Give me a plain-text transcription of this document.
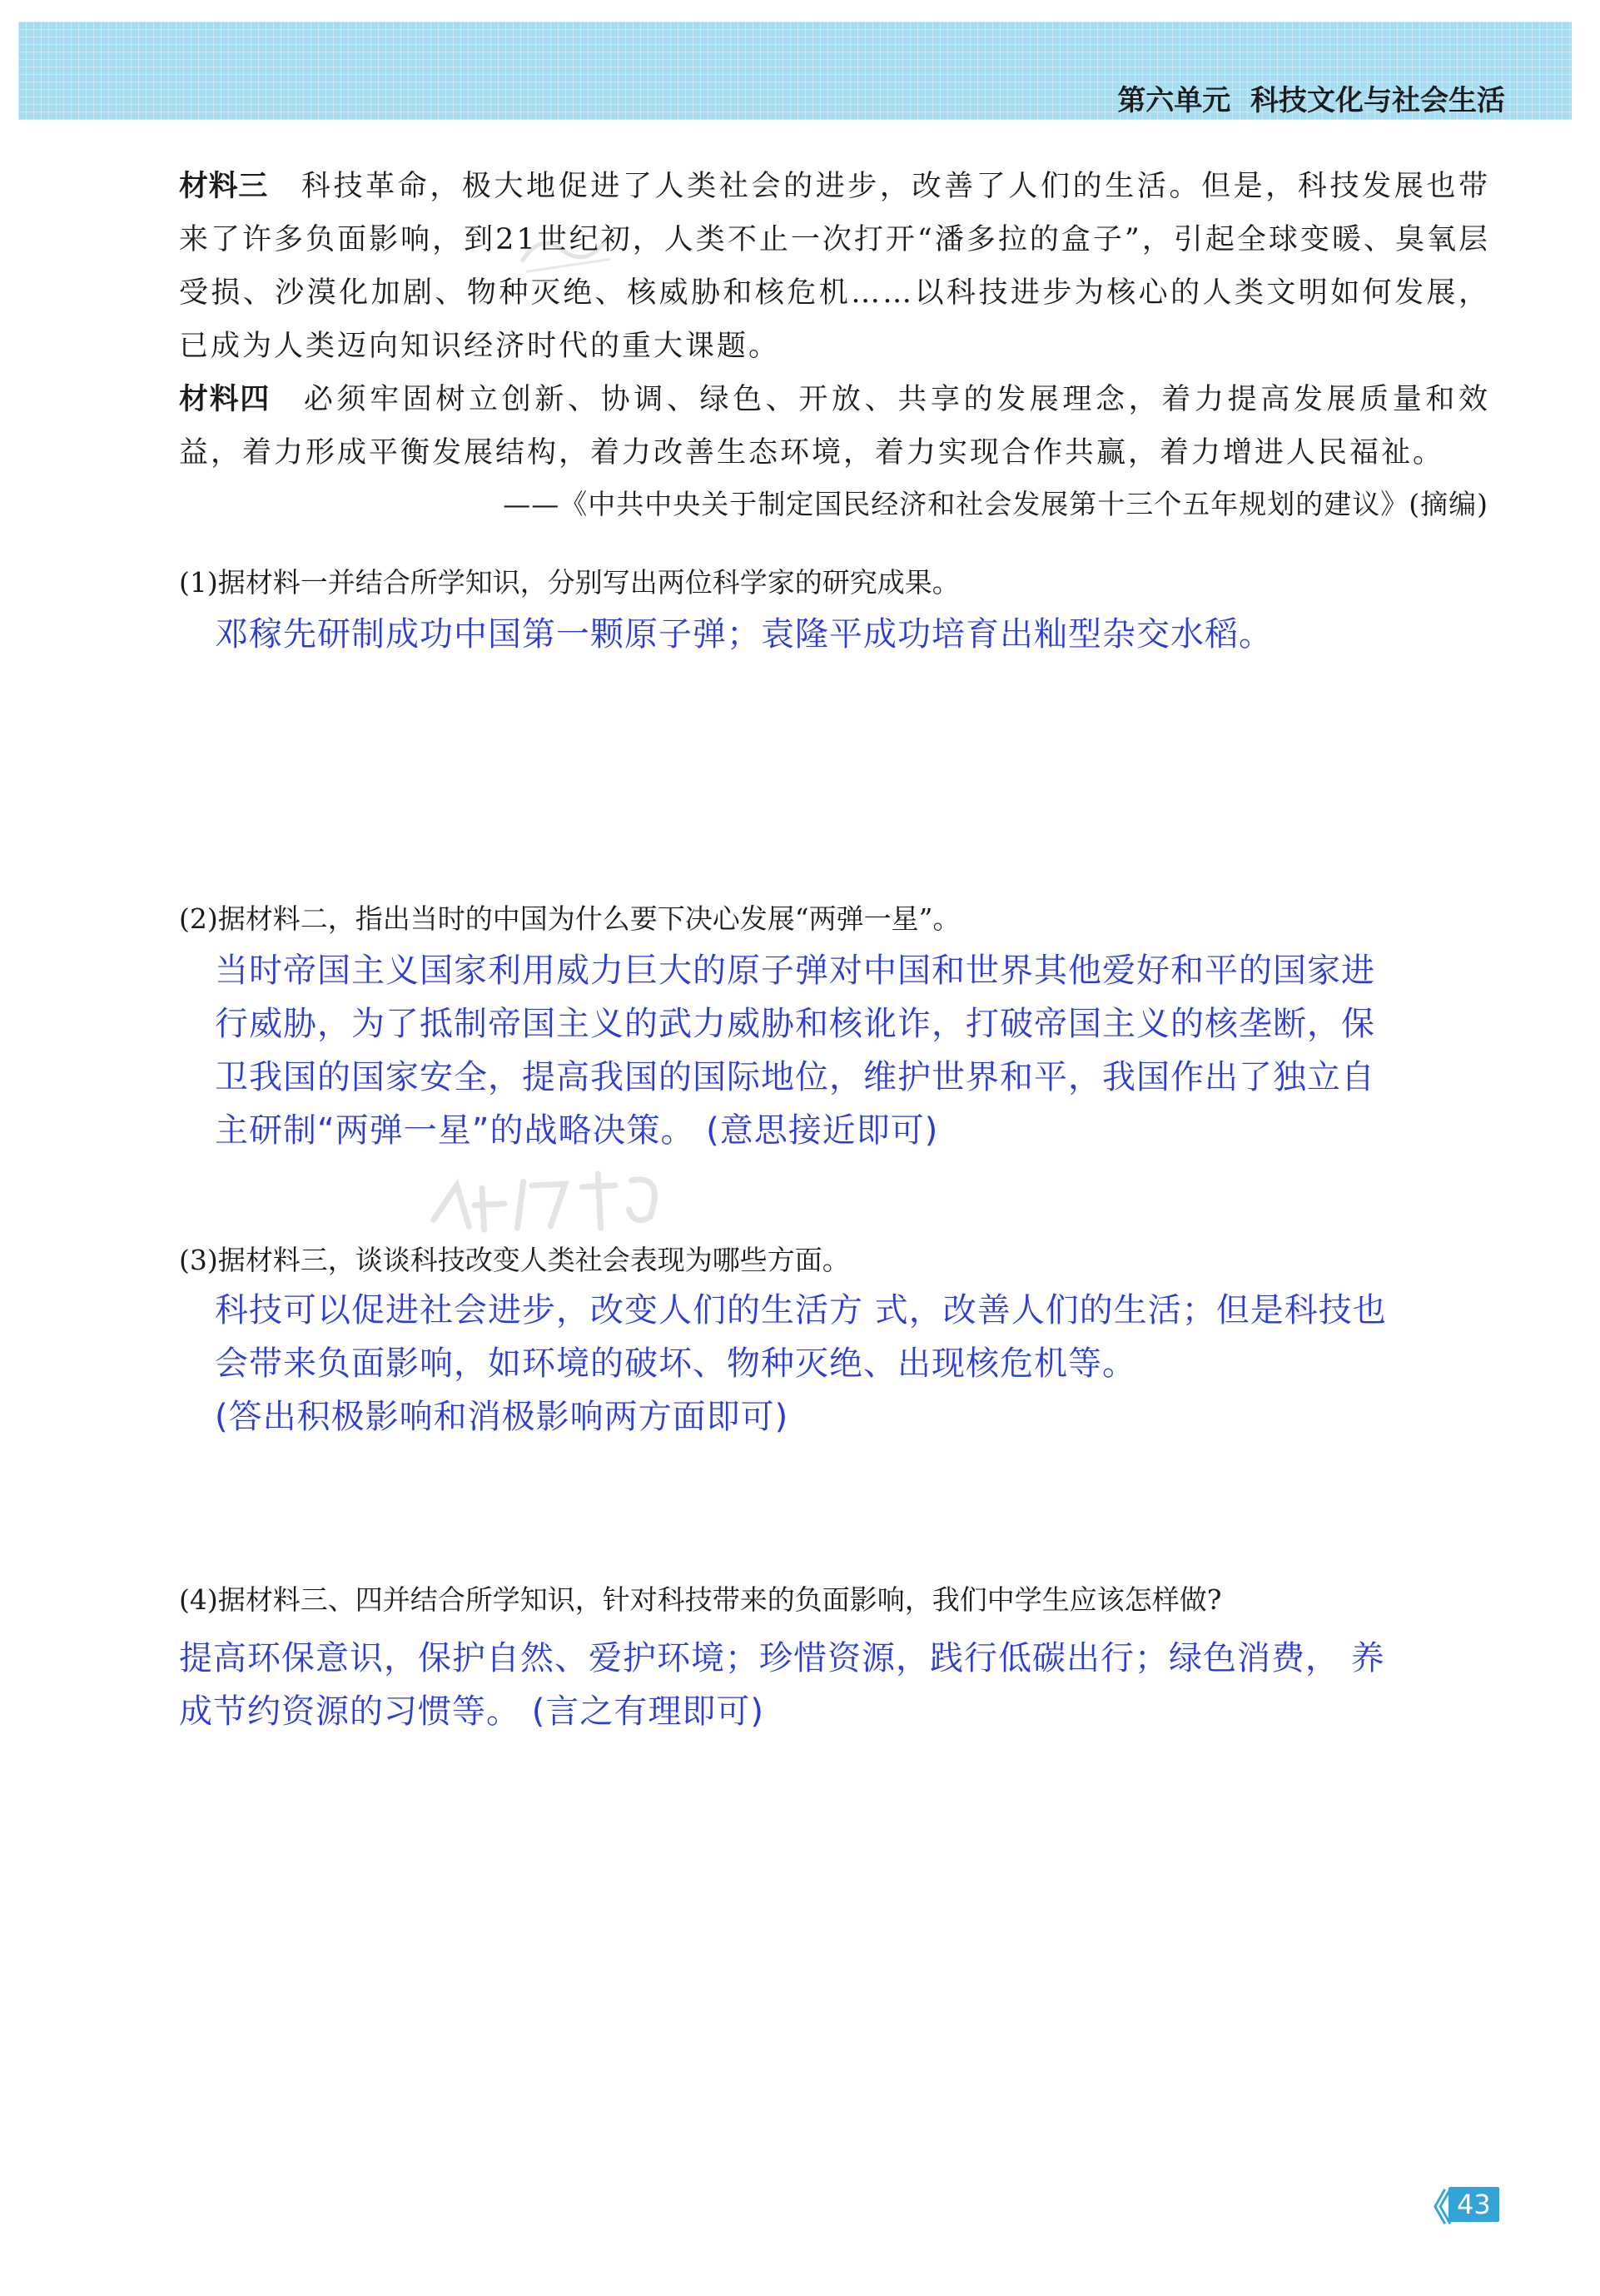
第六单元  科技文化与社会生活

材料三 科技革命，极大地促进了人类社会的进步，改善了人们的生活。但是，科技发展也带来了许多负面影响，到21世纪初，人类不止一次打开“潘多拉的盒子”，引起全球变暖、臭氧层受损、沙漠化加剧、物种灭绝、核威胁和核危机……以科技进步为核心的人类文明如何发展，已成为人类迈向知识经济时代的重大课题。

材料四 必须牢固树立创新、协调、绿色、开放、共享的发展理念，着力提高发展质量和效益，着力形成平衡发展结构，着力改善生态环境，着力实现合作共赢，着力增进人民福祉。

——《中共中央关于制定国民经济和社会发展第十三个五年规划的建议》(摘编)

(1)据材料一并结合所学知识，分别写出两位科学家的研究成果。

邓稼先研制成功中国第一颗原子弹；袁隆平成功培育出籼型杂交水稻。

(2)据材料二，指出当时的中国为什么要下决心发展“两弹一星”。

当时帝国主义国家利用威力巨大的原子弹对中国和世界其他爱好和平的国家进
行威胁，为了抵制帝国主义的武力威胁和核讹诈，打破帝国主义的核垄断，保
卫我国的国家安全，提高我国的国际地位，维护世界和平，我国作出了独立自
主研制“两弹一星”的战略决策。 (意思接近即可)

(3)据材料三，谈谈科技改变人类社会表现为哪些方面。

科技可以促进社会进步，改变人们的生活方 式，改善人们的生活；但是科技也
会带来负面影响，如环境的破坏、物种灭绝、出现核危机等。
(答出积极影响和消极影响两方面即可)

(4)据材料三、四并结合所学知识，针对科技带来的负面影响，我们中学生应该怎样做?

提高环保意识，保护自然、爱护环境；珍惜资源，践行低碳出行；绿色消费， 养
成节约资源的习惯等。 (言之有理即可)
《 43
